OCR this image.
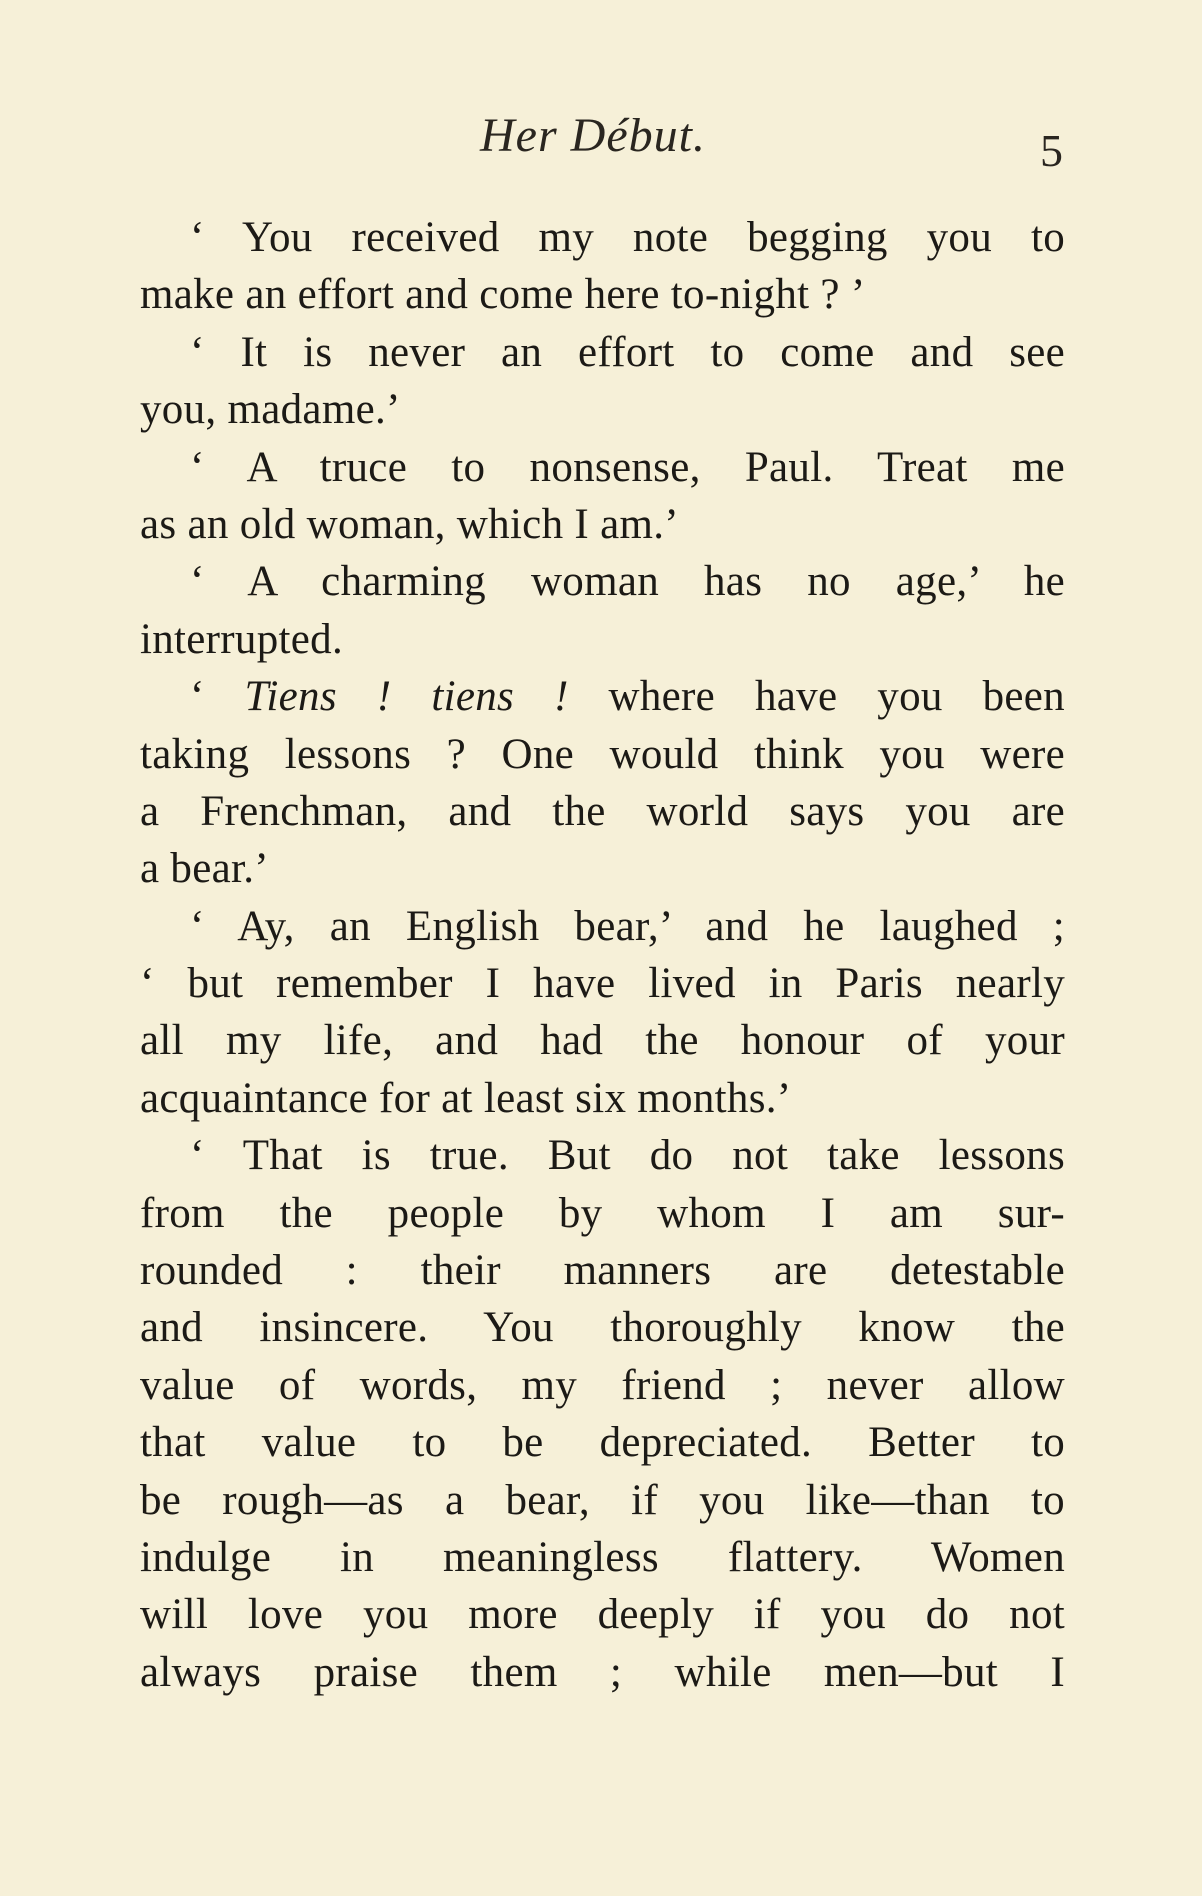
Her Début.	5
‘ You received my note begging you to
make an effort and come here to-night ? ’
‘ It is never an effort to come and see
you, madame.’
‘ A truce to nonsense, Paul. Treat me
as an old woman, which I am.’
‘ A charming woman has no age,’ he
interrupted.
‘ Tiens ! tiens ! where have you been
taking lessons ? One would think you were
a Frenchman, and the world says you are
a bear.’
‘ Ay, an English bear,’ and he laughed ;
‘ but remember I have lived in Paris nearly
all my life, and had the honour of your
acquaintance for at least six months.’
‘ That is true. But do not take lessons
from the people by whom I am sur-
rounded : their manners are detestable
and insincere. You thoroughly know the
value of words, my friend ; never allow
that value to be depreciated. Better to
be rough—as a bear, if you like—than to
indulge in meaningless flattery. Women
will love you more deeply if you do not
always praise them ; while men—but I
